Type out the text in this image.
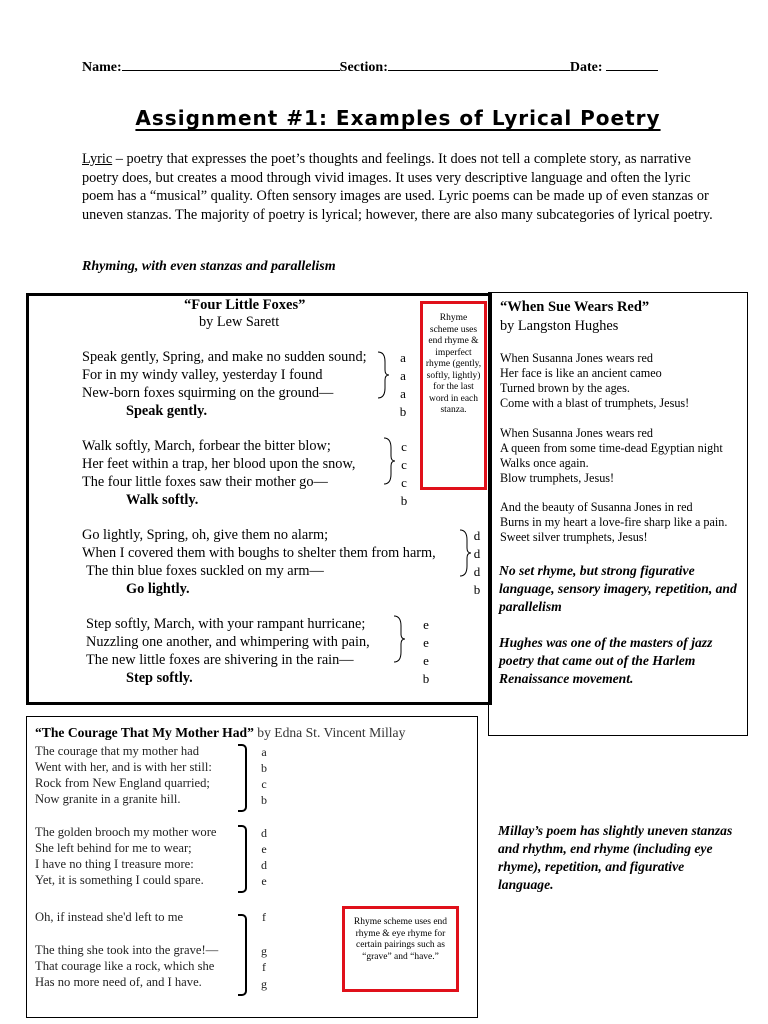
Name:	Section:	Date:
Assignment #1: Examples of Lyrical Poetry
Lyric – poetry that expresses the poet’s thoughts and feelings. It does not tell a complete story, as narrative poetry does, but creates a mood through vivid images. It uses very descriptive language and often the lyric poem has a “musical” quality. Often sensory images are used. Lyric poems can be made up of even stanzas or uneven stanzas. The majority of poetry is lyrical; however, there are also many subcategories of lyrical poetry.
Rhyming, with even stanzas and parallelism
“Four Little Foxes”
by Lew Sarett
Speak gently, Spring, and make no sudden sound;
For in my windy valley, yesterday I found
New-born foxes squirming on the ground—
Speak gently.
Walk softly, March, forbear the bitter blow;
Her feet within a trap, her blood upon the snow,
The four little foxes saw their mother go—
Walk softly.
Go lightly, Spring, oh, give them no alarm;
When I covered them with boughs to shelter them from harm,
The thin blue foxes suckled on my arm—
Go lightly.
Step softly, March, with your rampant hurricane;
Nuzzling one another, and whimpering with pain,
The new little foxes are shivering in the rain—
Step softly.
a
a
a
b
c
c
c
b
d
d
d
b
e
e
e
b
Rhyme scheme uses end rhyme & imperfect rhyme (gently, softly, lightly) for the last word in each stanza.
“When Sue Wears Red”
by Langston Hughes
When Susanna Jones wears red
Her face is like an ancient cameo
Turned brown by the ages.
Come with a blast of trumphets, Jesus!
When Susanna Jones wears red
A queen from some time-dead Egyptian night
Walks once again.
Blow trumphets, Jesus!
And the beauty of Susanna Jones in red
Burns in my heart a love-fire sharp like a pain.
Sweet silver trumphets, Jesus!
No set rhyme, but strong figurative language, sensory imagery, repetition, and parallelism
Hughes was one of the masters of jazz poetry that came out of the Harlem Renaissance movement.
“The Courage That My Mother Had” by Edna St. Vincent Millay
The courage that my mother had
Went with her, and is with her still:
Rock from New England quarried;
Now granite in a granite hill.
The golden brooch my mother wore
She left behind for me to wear;
I have no thing I treasure more:
Yet, it is something I could spare.
Oh, if instead she'd left to me
The thing she took into the grave!—
That courage like a rock, which she
Has no more need of, and I have.
a
b
c
b
d
e
d
e
f
g
f
g
Rhyme scheme uses end rhyme & eye rhyme for certain pairings such as “grave” and “have.”
Millay’s poem has slightly uneven stanzas and rhythm, end rhyme (including eye rhyme), repetition, and figurative language.
